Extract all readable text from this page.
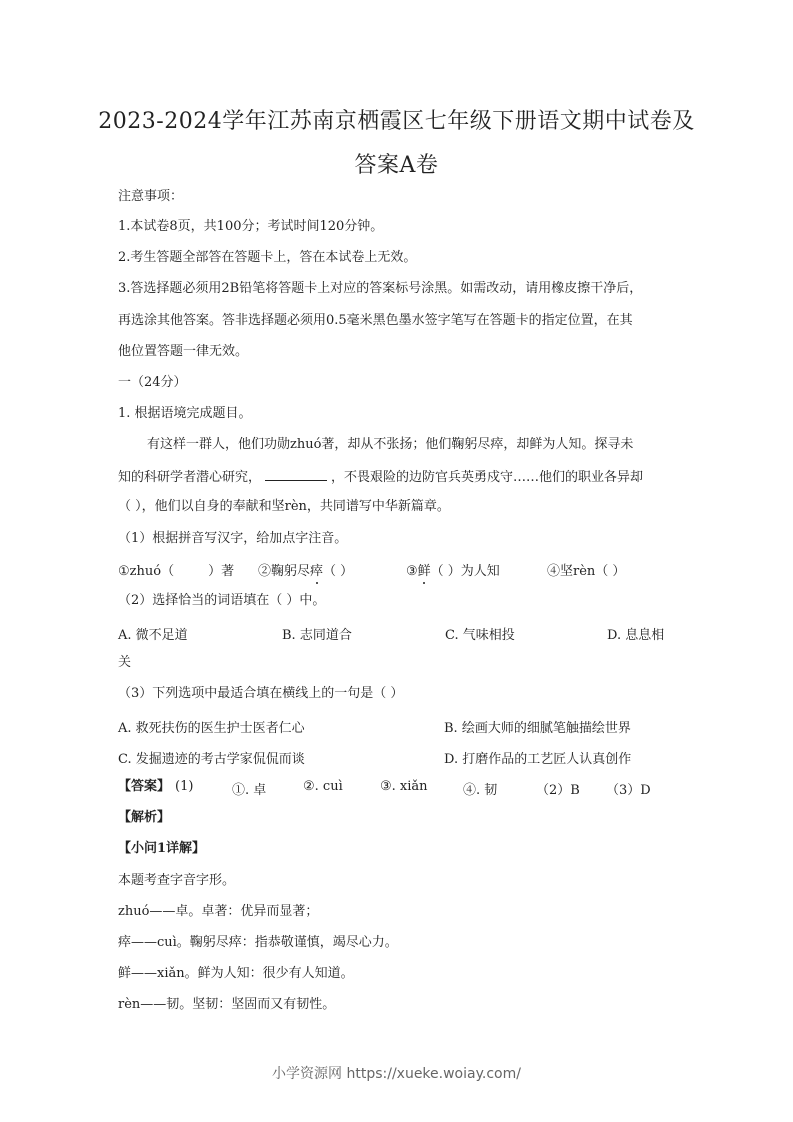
2023-2024学年江苏南京栖霞区七年级下册语文期中试卷及
答案A卷
注意事项：
1.本试卷8页，共100分；考试时间120分钟。
2.考生答题全部答在答题卡上，答在本试卷上无效。
3.答选择题必须用2B铅笔将答题卡上对应的答案标号涂黑。如需改动，请用橡皮擦干净后，
再选涂其他答案。答非选择题必须用0.5毫米黑色墨水签字笔写在答题卡的指定位置，在其
他位置答题一律无效。
一（24分）
1. 根据语境完成题目。
有这样一群人，他们功勋zhuó著，却从不张扬；他们鞠躬尽瘁，却鲜为人知。探寻未
知的科研学者潜心研究，	，不畏艰险的边防官兵英勇戍守……他们的职业各异却
（ ），他们以自身的奉献和坚rèn，共同谱写中华新篇章。
（1）根据拼音写汉字，给加点字注音。
①zhuó（	）著 ②鞠躬尽瘁（ ）	③鲜（ ）为人知	④坚rèn（ ）
（2）选择恰当的词语填在（ ）中。
A. 微不足道	B. 志同道合	C. 气味相投	D. 息息相
关
（3）下列选项中最适合填在横线上的一句是（ ）
A. 救死扶伤的医生护士医者仁心	B. 绘画大师的细腻笔触描绘世界
C. 发掘遗迹的考古学家侃侃而谈	D. 打磨作品的工艺匠人认真创作
【答案】 (1)	①. 卓	②. cuì	③. xiǎn	④. 韧	（2）B （3）D
【解析】
【小问1详解】
本题考查字音字形。
zhuó——卓。卓著：优异而显著；
瘁——cuì。鞠躬尽瘁：指恭敬谨慎，竭尽心力。
鲜——xiǎn。鲜为人知：很少有人知道。
rèn——韧。坚韧：坚固而又有韧性。
小学资源网 https://xueke.woiay.com/
